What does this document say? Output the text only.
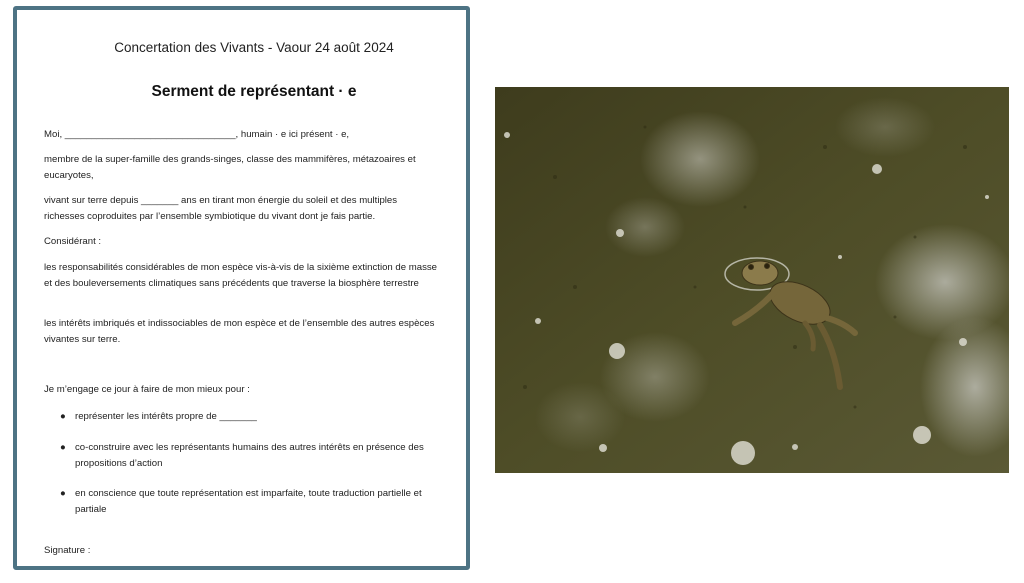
Concertation des Vivants - Vaour 24 août 2024
Serment de représentant · e
Moi, ________________________________, humain · e ici présent · e,
membre de la super-famille des grands-singes, classe des mammifères, métazoaires et eucaryotes,
vivant sur terre depuis _______ ans en tirant mon énergie du soleil et des multiples richesses coproduites par l’ensemble symbiotique du vivant dont je fais partie.
Considérant :
les responsabilités considérables de mon espèce vis-à-vis de la sixième extinction de masse et des bouleversements climatiques sans précédents que traverse la biosphère terrestre
les intérêts imbriqués et indissociables de mon espèce et de l’ensemble des autres espèces vivantes sur terre.
Je m’engage ce jour à faire de mon mieux pour :
● représenter les intérêts propre de _______
● co-construire avec les représentants humains des autres intérêts en présence des propositions d’action
● en conscience que toute représentation est imparfaite, toute traduction partielle et partiale
Signature :
